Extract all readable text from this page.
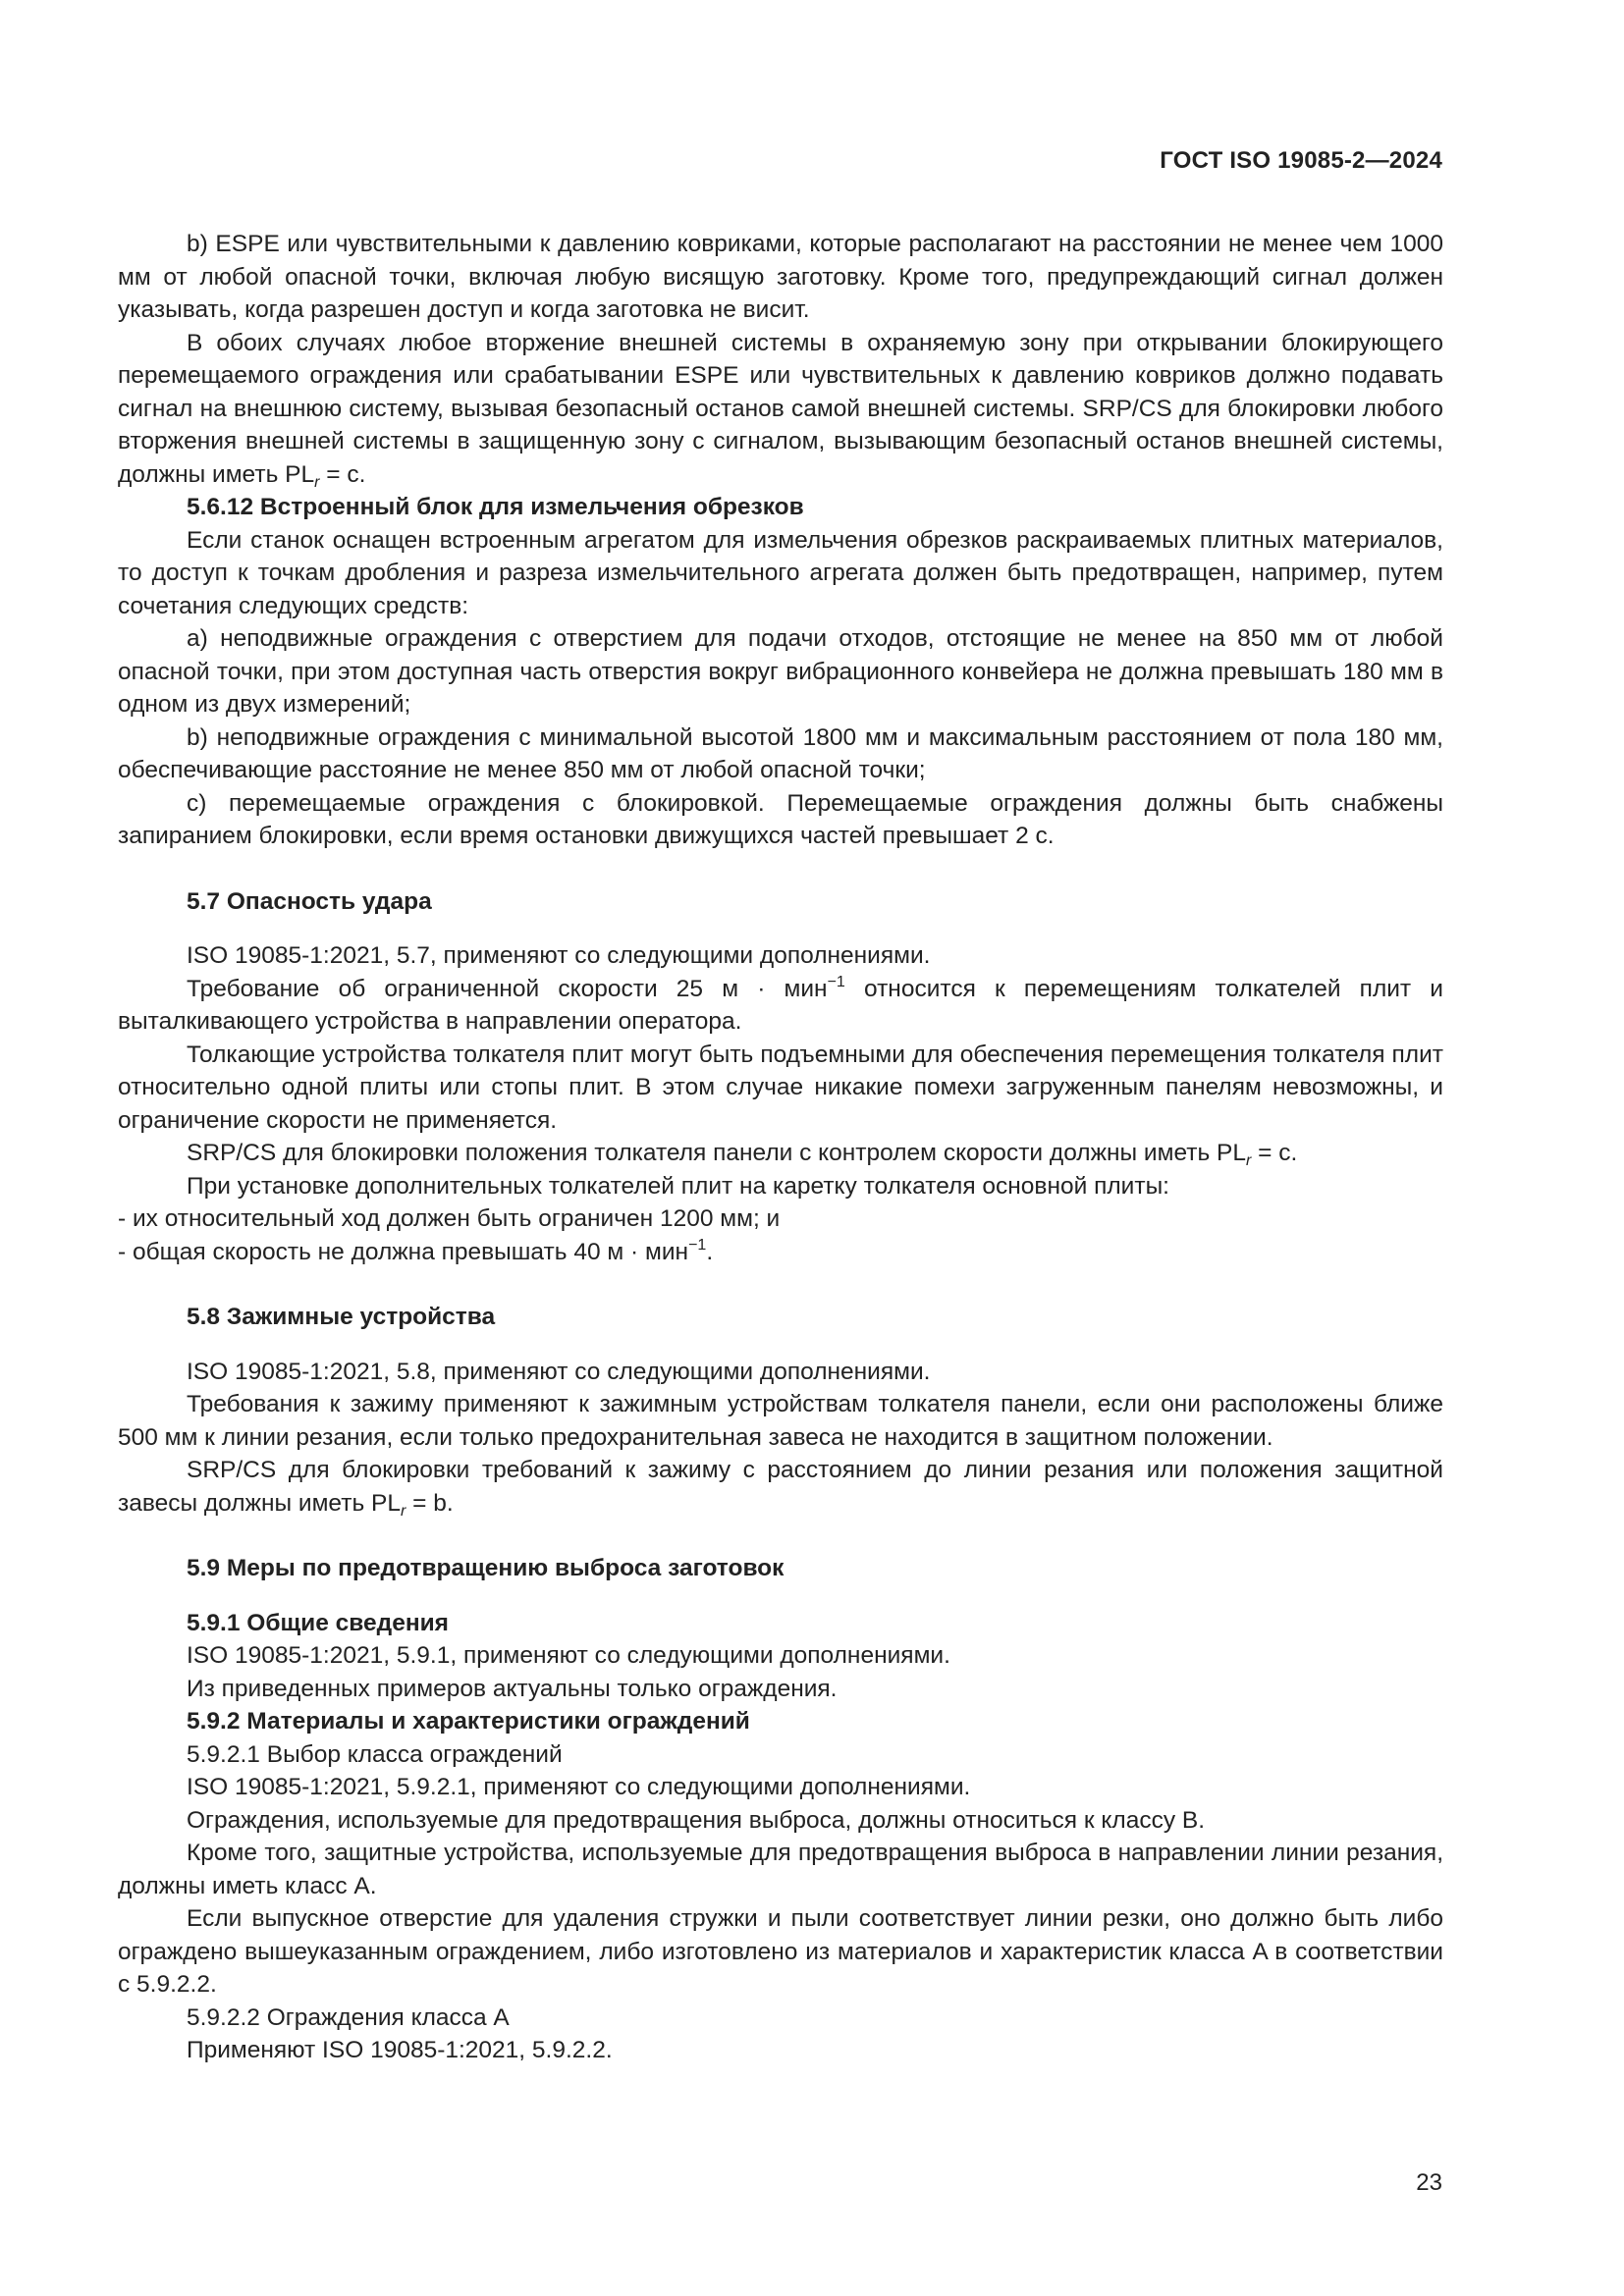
ГОСТ ISO 19085-2—2024

b) ESPE или чувствительными к давлению ковриками, которые располагают на расстоянии не менее чем 1000 мм от любой опасной точки, включая любую висящую заготовку. Кроме того, предупреждающий сигнал должен указывать, когда разрешен доступ и когда заготовка не висит.

В обоих случаях любое вторжение внешней системы в охраняемую зону при открывании блокирующего перемещаемого ограждения или срабатывании ESPE или чувствительных к давлению ковриков должно подавать сигнал на внешнюю систему, вызывая безопасный останов самой внешней системы. SRP/CS для блокировки любого вторжения внешней системы в защищенную зону с сигналом, вызывающим безопасный останов внешней системы, должны иметь $PL_r = c$.

5.6.12 Встроенный блок для измельчения обрезков

Если станок оснащен встроенным агрегатом для измельчения обрезков раскраиваемых плитных материалов, то доступ к точкам дробления и разреза измельчительного агрегата должен быть предотвращен, например, путем сочетания следующих средств:

a) неподвижные ограждения с отверстием для подачи отходов, отстоящие не менее на 850 мм от любой опасной точки, при этом доступная часть отверстия вокруг вибрационного конвейера не должна превышать 180 мм в одном из двух измерений;

b) неподвижные ограждения с минимальной высотой 1800 мм и максимальным расстоянием от пола 180 мм, обеспечивающие расстояние не менее 850 мм от любой опасной точки;

c) перемещаемые ограждения с блокировкой. Перемещаемые ограждения должны быть снабжены запиранием блокировки, если время остановки движущихся частей превышает 2 с.

5.7 Опасность удара

ISO 19085-1:2021, 5.7, применяют со следующими дополнениями.

Требование об ограниченной скорости 25 м · мин$^{-1}$ относится к перемещениям толкателей плит и выталкивающего устройства в направлении оператора.

Толкающие устройства толкателя плит могут быть подъемными для обеспечения перемещения толкателя плит относительно одной плиты или стопы плит. В этом случае никакие помехи загруженным панелям невозможны, и ограничение скорости не применяется.

SRP/CS для блокировки положения толкателя панели с контролем скорости должны иметь $PL_r = c$.

При установке дополнительных толкателей плит на каретку толкателя основной плиты:

- их относительный ход должен быть ограничен 1200 мм; и

- общая скорость не должна превышать 40 м · мин$^{-1}$.

5.8 Зажимные устройства

ISO 19085-1:2021, 5.8, применяют со следующими дополнениями.

Требования к зажиму применяют к зажимным устройствам толкателя панели, если они расположены ближе 500 мм к линии резания, если только предохранительная завеса не находится в защитном положении.

SRP/CS для блокировки требований к зажиму с расстоянием до линии резания или положения защитной завесы должны иметь $PL_r = b$.

5.9 Меры по предотвращению выброса заготовок

5.9.1 Общие сведения

ISO 19085-1:2021, 5.9.1, применяют со следующими дополнениями.

Из приведенных примеров актуальны только ограждения.

5.9.2 Материалы и характеристики ограждений

5.9.2.1 Выбор класса ограждений

ISO 19085-1:2021, 5.9.2.1, применяют со следующими дополнениями.

Ограждения, используемые для предотвращения выброса, должны относиться к классу B.

Кроме того, защитные устройства, используемые для предотвращения выброса в направлении линии резания, должны иметь класс A.

Если выпускное отверстие для удаления стружки и пыли соответствует линии резки, оно должно быть либо ограждено вышеуказанным ограждением, либо изготовлено из материалов и характеристик класса A в соответствии с 5.9.2.2.

5.9.2.2 Ограждения класса A

Применяют ISO 19085-1:2021, 5.9.2.2.

23
